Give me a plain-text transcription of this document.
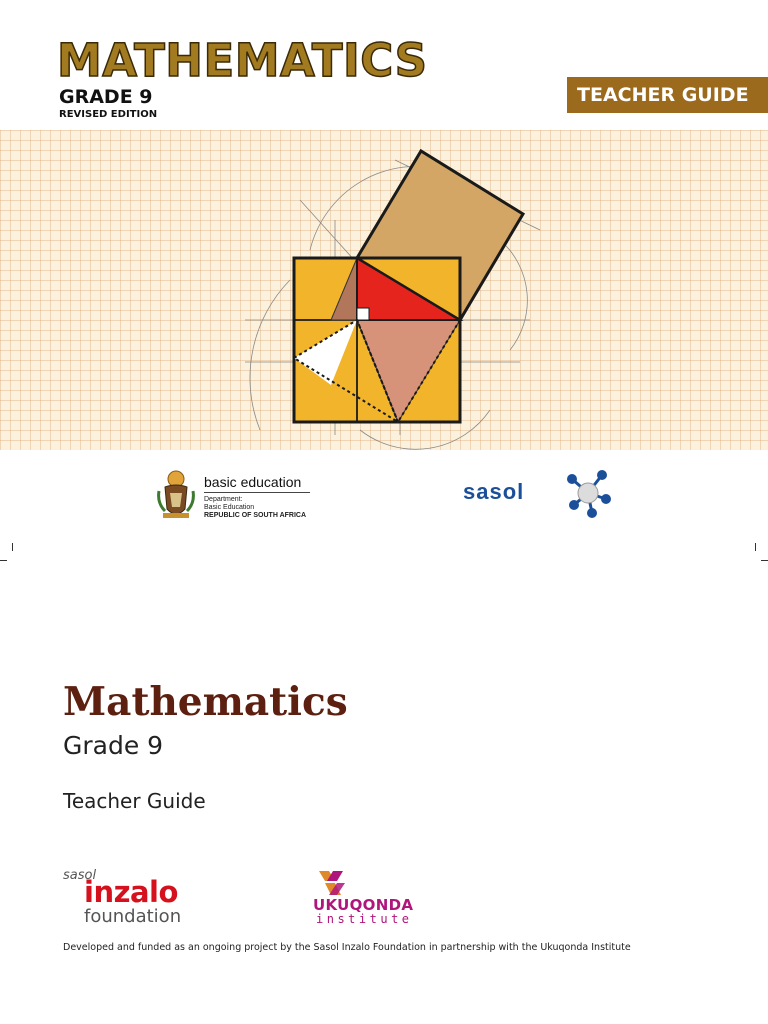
MATHEMATICS
GRADE 9
REVISED EDITION
TEACHER GUIDE
basic education
Department:
Basic Education
REPUBLIC OF SOUTH AFRICA
sasol
Mathematics
Grade 9
Teacher Guide
sasol
inzalo
foundation
UKUQONDA
institute
Developed and funded as an ongoing project by the Sasol Inzalo Foundation in partnership with the Ukuqonda Institute
